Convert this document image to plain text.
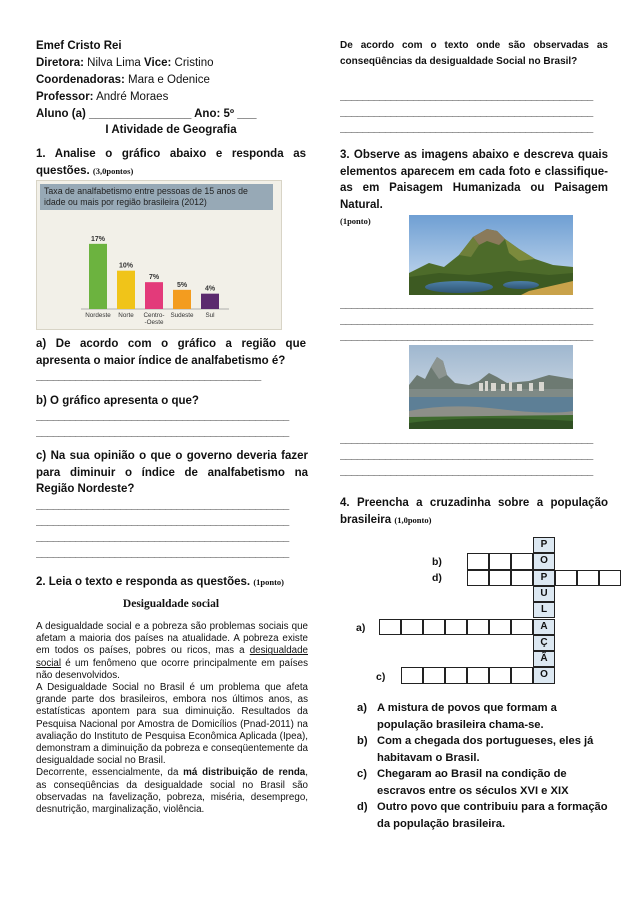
Emef Cristo Rei
Diretora: Nilva Lima Vice: Cristino
Coordenadoras: Mara e Odenice
Professor: André Moraes
Aluno (a) ________________ Ano: 5º ___
I Atividade de Geografia
1. Analise o gráfico abaixo e responda as questões. (3,0pontos)
Taxa de analfabetismo entre pessoas de 15 anos de idade ou mais por região brasileira (2012)
17%
Nordeste
10%
Norte
7%
Centro-
-Oeste
5%
Sudeste
4%
Sul
a) De acordo com o gráfico a região que apresenta o maior índice de analfabetismo é?
________________________________________
b) O gráfico apresenta o que?
_____________________________________________
_____________________________________________
c) Na sua opinião o que o governo deveria fazer para diminuir o índice de analfabetismo na Região Nordeste?
_____________________________________________
_____________________________________________
_____________________________________________
_____________________________________________
2. Leia o texto e responda as questões. (1ponto)
Desigualdade social

A desigualdade social e a pobreza são problemas sociais que afetam a maioria dos países na atualidade. A pobreza existe em todos os países, pobres ou ricos, mas a desigualdade social é um fenômeno que ocorre principalmente em países não desenvolvidos.

A Desigualdade Social no Brasil é um problema que afeta grande parte dos brasileiros, embora nos últimos anos, as estatísticas apontem para sua diminuição. Resultados da Pesquisa Nacional por Amostra de Domicílios (Pnad-2011) na avaliação do Instituto de Pesquisa Econômica Aplicada (Ipea), demonstram a diminuição da pobreza e conseqüentemente da desigualdade social no Brasil.

Decorrente, essencialmente, da má distribuição de renda, as conseqüências da desigualdade social no Brasil são observadas na favelização, pobreza, miséria, desemprego, desnutrição, marginalização, violência.

De acordo com o texto onde são observadas as conseqüências da desigualdade Social no Brasil?
_____________________________________________
_____________________________________________
_____________________________________________
3. Observe as imagens abaixo e descreva quais elementos aparecem em cada foto e classifique-as em Paisagem Humanizada ou Paisagem Natural.
(1ponto)
_____________________________________________
_____________________________________________
_____________________________________________
_____________________________________________
_____________________________________________
_____________________________________________
4. Preencha a cruzadinha sobre a população brasileira (1,0ponto)
P
O
P
U
L
A
Ç
Ã
O
b)
d)
a)
c)
a) A mistura de povos que formam a população brasileira chama-se.
b) Com a chegada dos portugueses, eles já habitavam o Brasil.
c) Chegaram ao Brasil na condição de escravos entre os séculos XVI e XIX
d) Outro povo que contribuiu para a formação da população brasileira.
